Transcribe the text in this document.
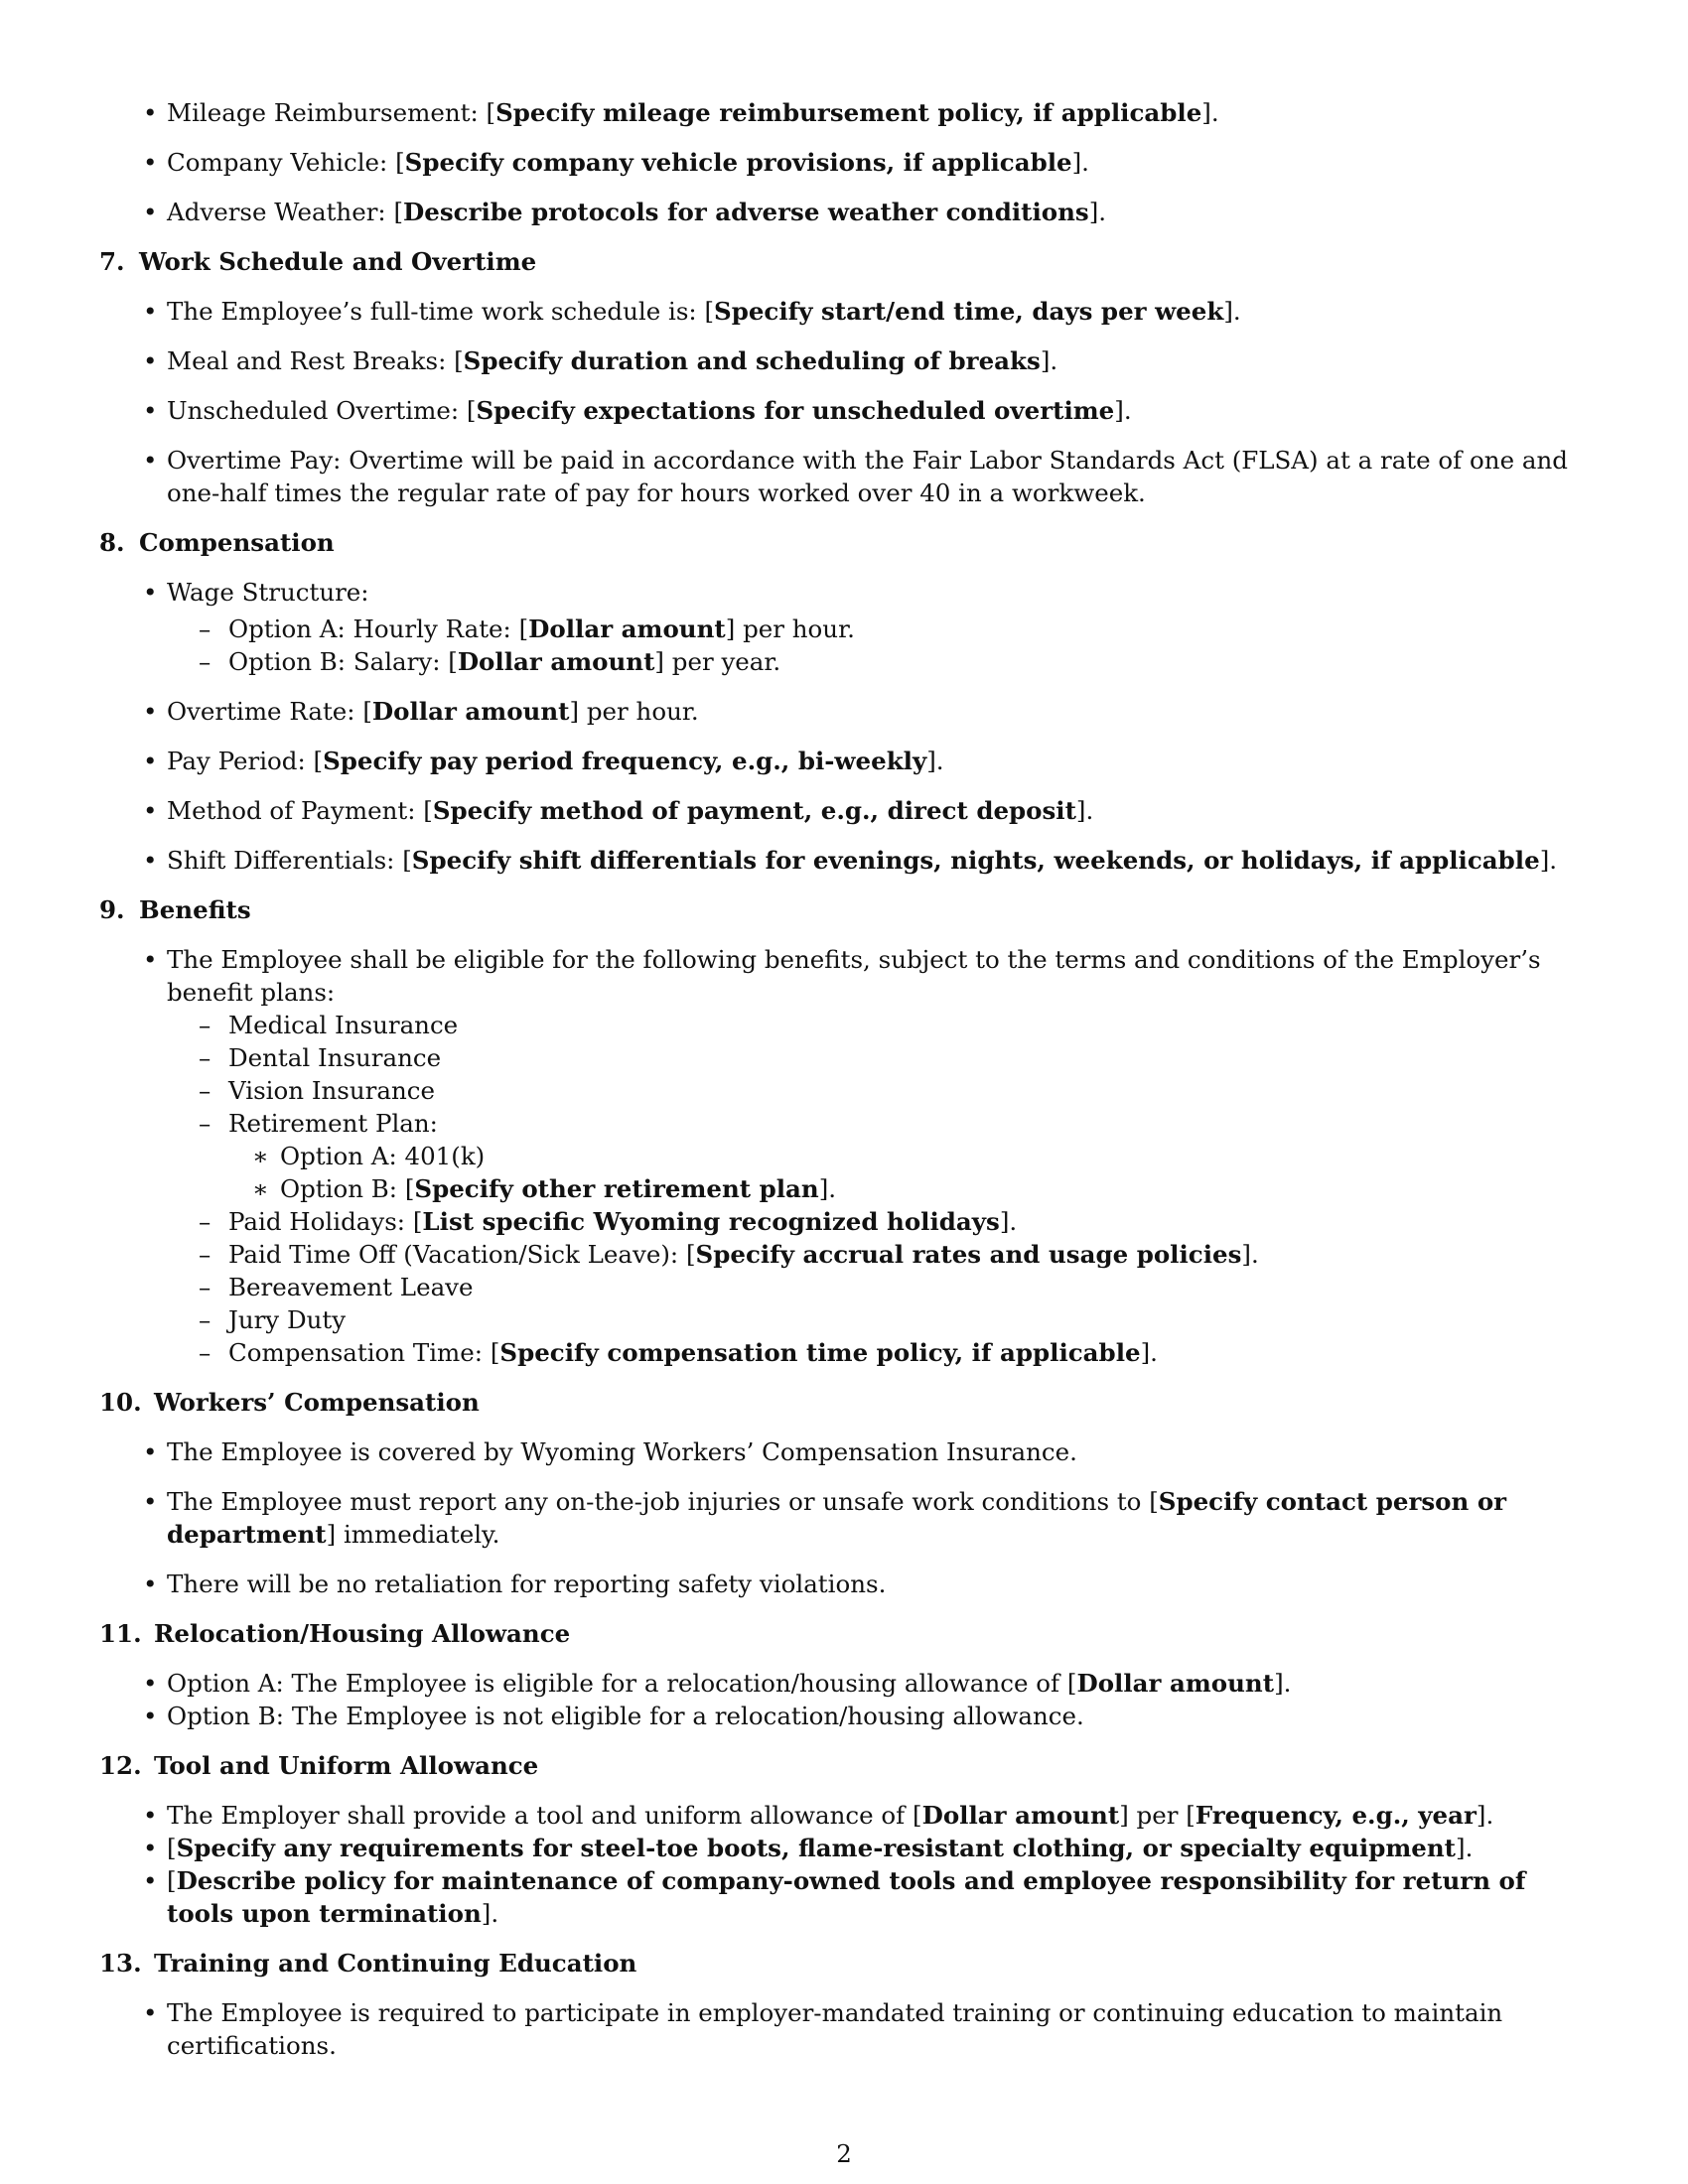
• Mileage Reimbursement: [Specify mileage reimbursement policy, if applicable].
• Company Vehicle: [Specify company vehicle provisions, if applicable].
• Adverse Weather: [Describe protocols for adverse weather conditions].
7. Work Schedule and Overtime
• The Employee’s full-time work schedule is: [Specify start/end time, days per week].
• Meal and Rest Breaks: [Specify duration and scheduling of breaks].
• Unscheduled Overtime: [Specify expectations for unscheduled overtime].
• Overtime Pay: Overtime will be paid in accordance with the Fair Labor Standards Act (FLSA) at a rate of one and one-half times the regular rate of pay for hours worked over 40 in a workweek.
8. Compensation
• Wage Structure:
– Option A: Hourly Rate: [Dollar amount] per hour.
– Option B: Salary: [Dollar amount] per year.
• Overtime Rate: [Dollar amount] per hour.
• Pay Period: [Specify pay period frequency, e.g., bi-weekly].
• Method of Payment: [Specify method of payment, e.g., direct deposit].
• Shift Differentials: [Specify shift differentials for evenings, nights, weekends, or holidays, if applicable].
9. Benefits
• The Employee shall be eligible for the following benefits, subject to the terms and conditions of the Employer’s benefit plans:
– Medical Insurance
– Dental Insurance
– Vision Insurance
– Retirement Plan:
∗ Option A: 401(k)
∗ Option B: [Specify other retirement plan].
– Paid Holidays: [List specific Wyoming recognized holidays].
– Paid Time Off (Vacation/Sick Leave): [Specify accrual rates and usage policies].
– Bereavement Leave
– Jury Duty
– Compensation Time: [Specify compensation time policy, if applicable].
10. Workers’ Compensation
• The Employee is covered by Wyoming Workers’ Compensation Insurance.
• The Employee must report any on-the-job injuries or unsafe work conditions to [Specify contact person or department] immediately.
• There will be no retaliation for reporting safety violations.
11. Relocation/Housing Allowance
• Option A: The Employee is eligible for a relocation/housing allowance of [Dollar amount].
• Option B: The Employee is not eligible for a relocation/housing allowance.
12. Tool and Uniform Allowance
• The Employer shall provide a tool and uniform allowance of [Dollar amount] per [Frequency, e.g., year].
• [Specify any requirements for steel-toe boots, flame-resistant clothing, or specialty equipment].
• [Describe policy for maintenance of company-owned tools and employee responsibility for return of tools upon termination].
13. Training and Continuing Education
• The Employee is required to participate in employer-mandated training or continuing education to maintain certifications.
2
